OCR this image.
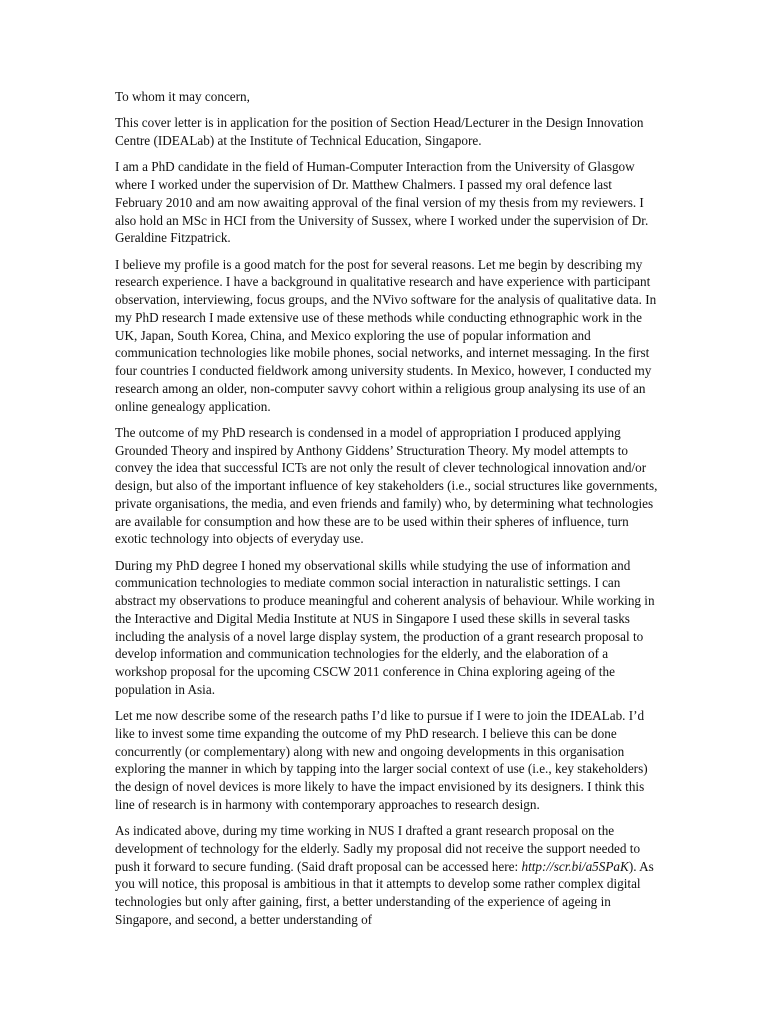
To whom it may concern,

This cover letter is in application for the position of Section Head/Lecturer in the Design Innovation Centre (IDEALab) at the Institute of Technical Education, Singapore.

I am a PhD candidate in the field of Human-Computer Interaction from the University of Glasgow where I worked under the supervision of Dr. Matthew Chalmers. I passed my oral defence last February 2010 and am now awaiting approval of the final version of my thesis from my reviewers. I also hold an MSc in HCI from the University of Sussex, where I worked under the supervision of Dr. Geraldine Fitzpatrick.

I believe my profile is a good match for the post for several reasons. Let me begin by describing my research experience. I have a background in qualitative research and have experience with participant observation, interviewing, focus groups, and the NVivo software for the analysis of qualitative data. In my PhD research I made extensive use of these methods while conducting ethnographic work in the UK, Japan, South Korea, China, and Mexico exploring the use of popular information and communication technologies like mobile phones, social networks, and internet messaging. In the first four countries I conducted fieldwork among university students. In Mexico, however, I conducted my research among an older, non-computer savvy cohort within a religious group analysing its use of an online genealogy application.

The outcome of my PhD research is condensed in a model of appropriation I produced applying Grounded Theory and inspired by Anthony Giddens’ Structuration Theory. My model attempts to convey the idea that successful ICTs are not only the result of clever technological innovation and/or design, but also of the important influence of key stakeholders (i.e., social structures like governments, private organisations, the media, and even friends and family) who, by determining what technologies are available for consumption and how these are to be used within their spheres of influence, turn exotic technology into objects of everyday use.

During my PhD degree I honed my observational skills while studying the use of information and communication technologies to mediate common social interaction in naturalistic settings. I can abstract my observations to produce meaningful and coherent analysis of behaviour. While working in the Interactive and Digital Media Institute at NUS in Singapore I used these skills in several tasks including the analysis of a novel large display system, the production of a grant research proposal to develop information and communication technologies for the elderly, and the elaboration of a workshop proposal for the upcoming CSCW 2011 conference in China exploring ageing of the population in Asia.

Let me now describe some of the research paths I’d like to pursue if I were to join the IDEALab. I’d like to invest some time expanding the outcome of my PhD research. I believe this can be done concurrently (or complementary) along with new and ongoing developments in this organisation exploring the manner in which by tapping into the larger social context of use (i.e., key stakeholders) the design of novel devices is more likely to have the impact envisioned by its designers. I think this line of research is in harmony with contemporary approaches to research design.

As indicated above, during my time working in NUS I drafted a grant research proposal on the development of technology for the elderly. Sadly my proposal did not receive the support needed to push it forward to secure funding. (Said draft proposal can be accessed here: http://scr.bi/a5SPaK). As you will notice, this proposal is ambitious in that it attempts to develop some rather complex digital technologies but only after gaining, first, a better understanding of the experience of ageing in Singapore, and second, a better understanding of
